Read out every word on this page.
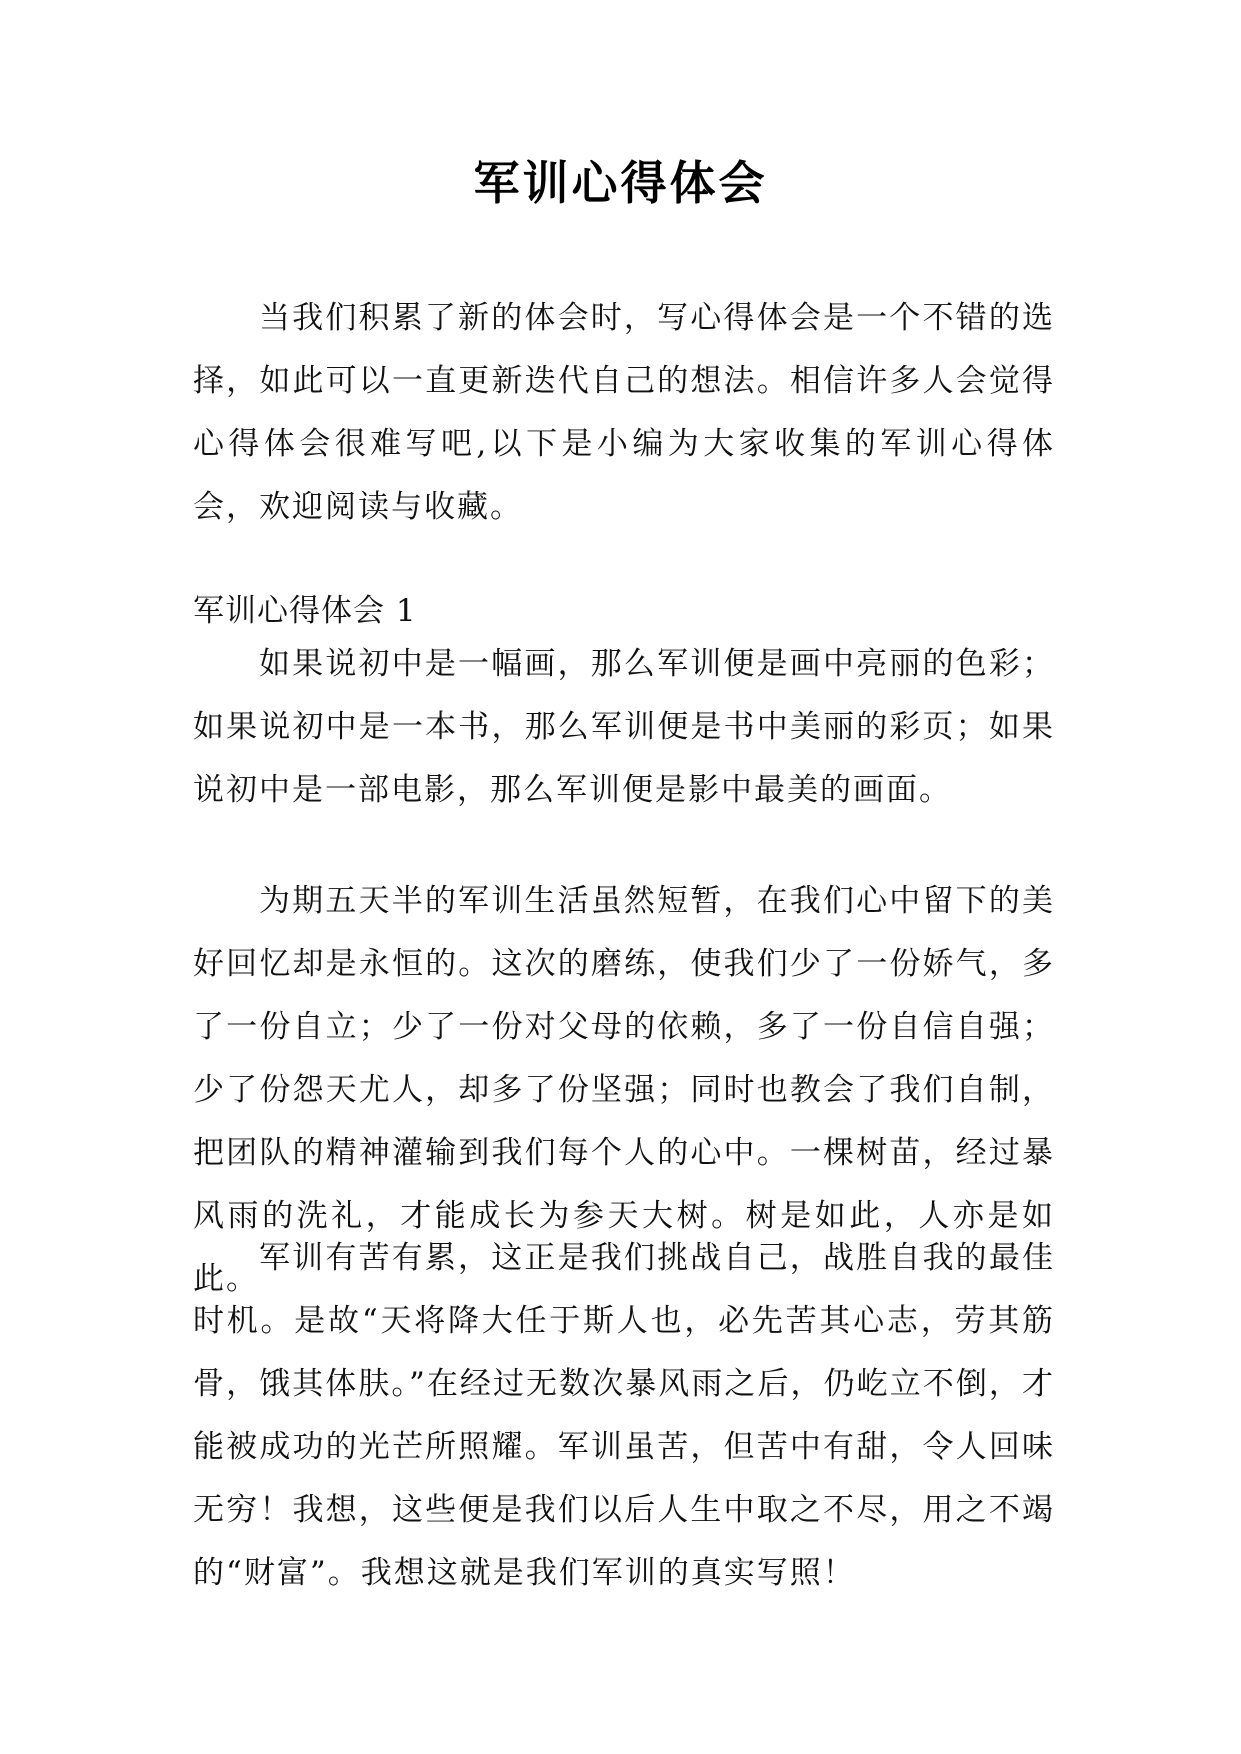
军训心得体会
当我们积累了新的体会时，写心得体会是一个不错的选择，如此可以一直更新迭代自己的想法。相信许多人会觉得心得体会很难写吧,以下是小编为大家收集的军训心得体会，欢迎阅读与收藏。
军训心得体会 1
如果说初中是一幅画，那么军训便是画中亮丽的色彩；如果说初中是一本书，那么军训便是书中美丽的彩页；如果说初中是一部电影，那么军训便是影中最美的画面。
为期五天半的军训生活虽然短暂，在我们心中留下的美好回忆却是永恒的。这次的磨练，使我们少了一份娇气，多了一份自立；少了一份对父母的依赖，多了一份自信自强；少了份怨天尤人，却多了份坚强；同时也教会了我们自制，把团队的精神灌输到我们每个人的心中。一棵树苗，经过暴风雨的洗礼，才能成长为参天大树。树是如此，人亦是如此。
军训有苦有累，这正是我们挑战自己，战胜自我的最佳时机。是故“天将降大任于斯人也，必先苦其心志，劳其筋骨，饿其体肤。”在经过无数次暴风雨之后，仍屹立不倒，才能被成功的光芒所照耀。军训虽苦，但苦中有甜，令人回味无穷！我想，这些便是我们以后人生中取之不尽，用之不竭的“财富”。我想这就是我们军训的真实写照！
